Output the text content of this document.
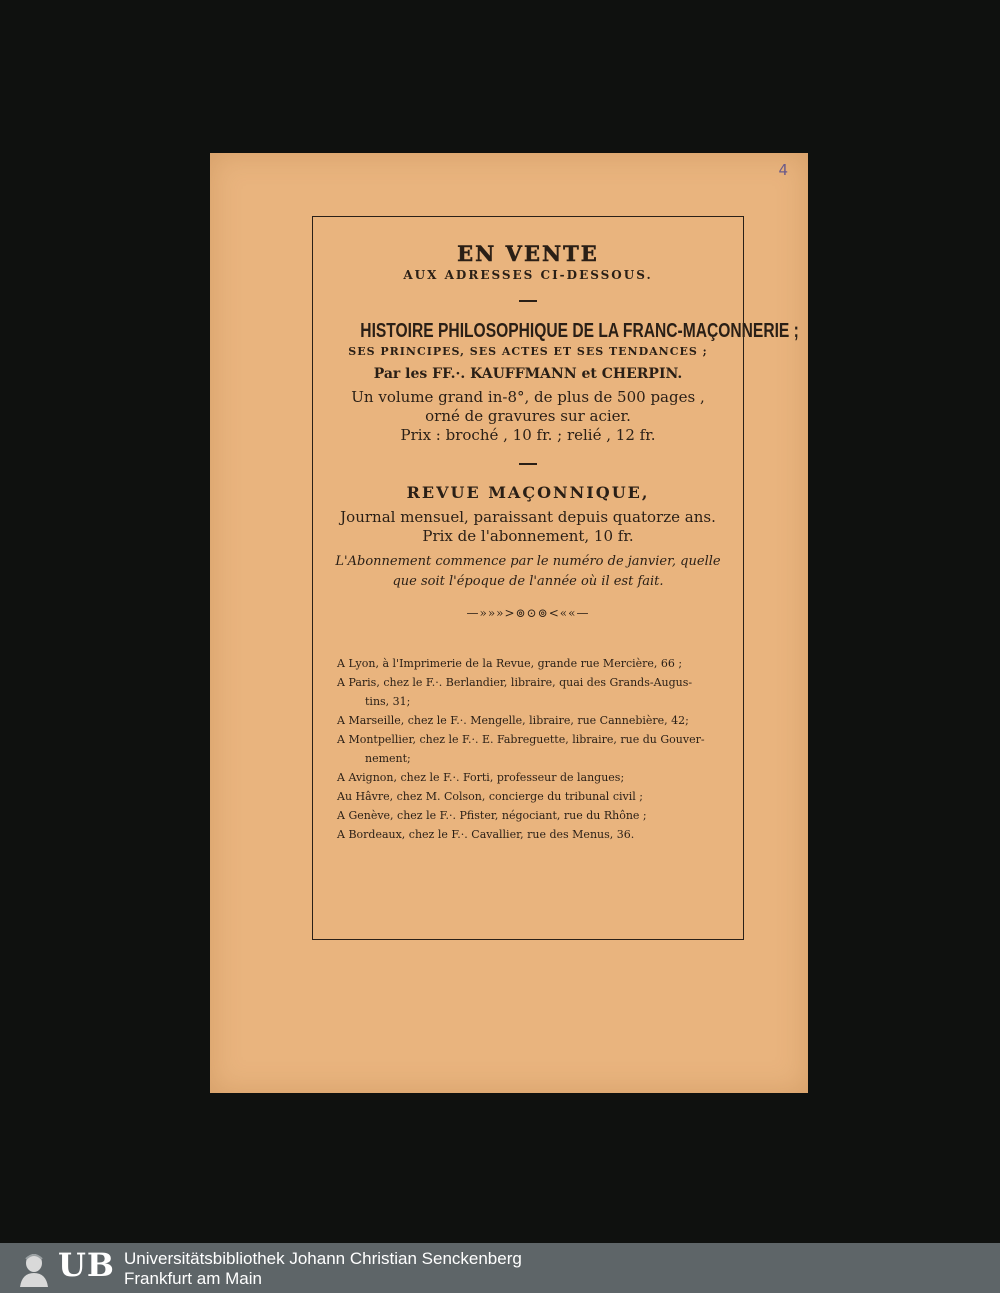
4
EN VENTE
AUX ADRESSES CI-DESSOUS.
HISTOIRE PHILOSOPHIQUE DE LA FRANC-MAÇONNERIE ;
SES PRINCIPES, SES ACTES ET SES TENDANCES ;
Par les FF.·. KAUFFMANN et CHERPIN.
Un volume grand in-8°, de plus de 500 pages ,
orné de gravures sur acier.
Prix : broché , 10 fr. ; relié , 12 fr.
REVUE MAÇONNIQUE,
Journal mensuel, paraissant depuis quatorze ans.
Prix de l'abonnement, 10 fr.
L'Abonnement commence par le numéro de janvier, quelle
que soit l'époque de l'année où il est fait.
—»»»>⊚⊙⊚<««—
A Lyon, à l'Imprimerie de la Revue, grande rue Mercière, 66 ;
A Paris, chez le F.·. Berlandier, libraire, quai des Grands-Augus-
tins, 31;
A Marseille, chez le F.·. Mengelle, libraire, rue Cannebière, 42;
A Montpellier, chez le F.·. E. Fabreguette, libraire, rue du Gouver-
nement;
A Avignon, chez le F.·. Forti, professeur de langues;
Au Hâvre, chez M. Colson, concierge du tribunal civil ;
A Genève, chez le F.·. Pfister, négociant, rue du Rhône ;
A Bordeaux, chez le F.·. Cavallier, rue des Menus, 36.
UB Universitätsbibliothek Johann Christian Senckenberg
Frankfurt am Main
